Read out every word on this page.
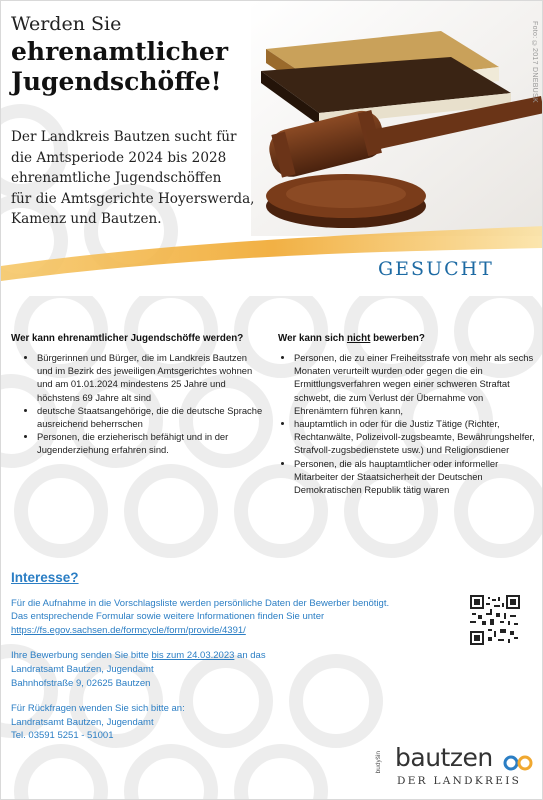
Foto: ©2017 DNEBUSK
Werden Sie
ehrenamtlicher
Jugendschöffe!
Der Landkreis Bautzen sucht für
die Amtsperiode 2024 bis 2028
ehrenamtliche Jugendschöffen
für die Amtsgerichte Hoyerswerda,
Kamenz und Bautzen.
GESUCHT
Wer kann ehrenamtlicher Jugendschöffe werden?
• Bürgerinnen und Bürger, die im Landkreis Bautzen und im Bezirk des jeweiligen Amtsgerichtes wohnen und am 01.01.2024 mindestens 25 Jahre und höchstens 69 Jahre alt sind
• deutsche Staatsangehörige, die die deutsche Sprache ausreichend beherrschen
• Personen, die erzieherisch befähigt und in der Jugenderziehung erfahren sind.
Wer kann sich nicht bewerben?
• Personen, die zu einer Freiheitsstrafe von mehr als sechs Monaten verurteilt wurden oder gegen die ein Ermittlungsverfahren wegen einer schweren Straftat schwebt, die zum Verlust der Übernahme von Ehrenämtern führen kann,
• hauptamtlich in oder für die Justiz Tätige (Richter, Rechtanwälte, Polizeivoll-zugsbeamte, Bewährungshelfer, Strafvoll-zugsbedienstete usw.) und Religionsdiener
• Personen, die als hauptamtlicher oder informeller Mitarbeiter der Staatsicherheit der Deutschen Demokratischen Republik tätig waren
Interesse?

Für die Aufnahme in die Vorschlagsliste werden persönliche Daten der Bewerber benötigt.
Das entsprechende Formular sowie weitere Informationen finden Sie unter
https://fs.egov.sachsen.de/formcycle/form/provide/4391/

Ihre Bewerbung senden Sie bitte bis zum 24.03.2023 an das
Landratsamt Bautzen, Jugendamt
Bahnhofstraße 9, 02625 Bautzen

Für Rückfragen wenden Sie sich bitte an:
Landratsamt Bautzen, Jugendamt
Tel. 03591 5251 - 51001

budyšin bautzen
DER LANDKREIS
